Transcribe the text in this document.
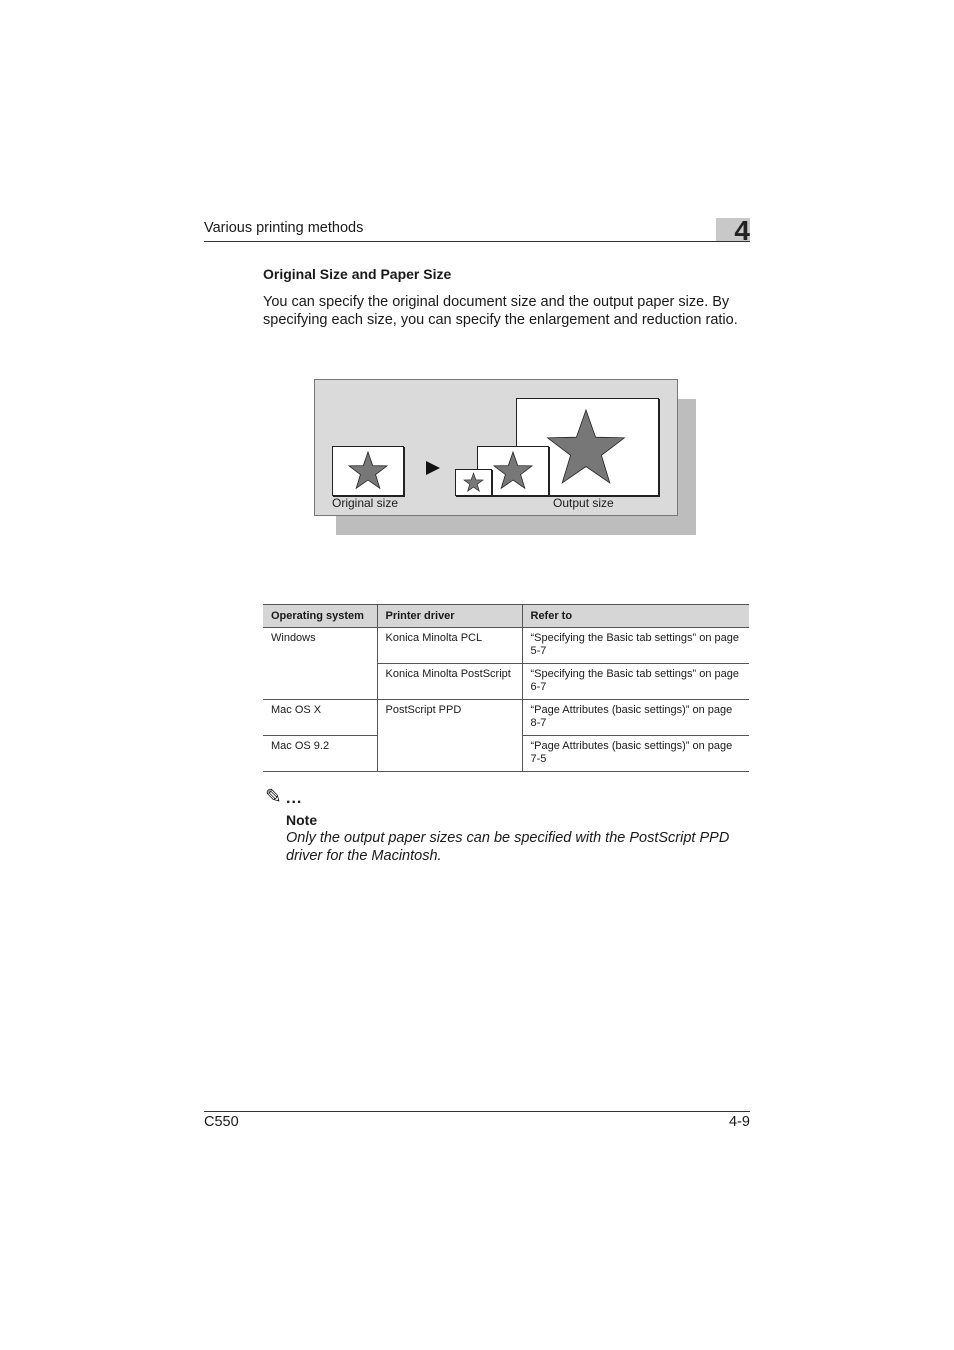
Various printing methods	4
Original Size and Paper Size
You can specify the original document size and the output paper size. By specifying each size, you can specify the enlargement and reduction ratio.
Original size	Output size
Operating system	Printer driver	Refer to
Windows	Konica Minolta PCL	“Specifying the Basic tab settings” on page 5-7
	Konica Minolta PostScript	“Specifying the Basic tab settings” on page 6-7
Mac OS X	PostScript PPD	“Page Attributes (basic settings)” on page 8-7
Mac OS 9.2		“Page Attributes (basic settings)” on page 7-5
✎ ...
Note
Only the output paper sizes can be specified with the PostScript PPD driver for the Macintosh.
C550	4-9
